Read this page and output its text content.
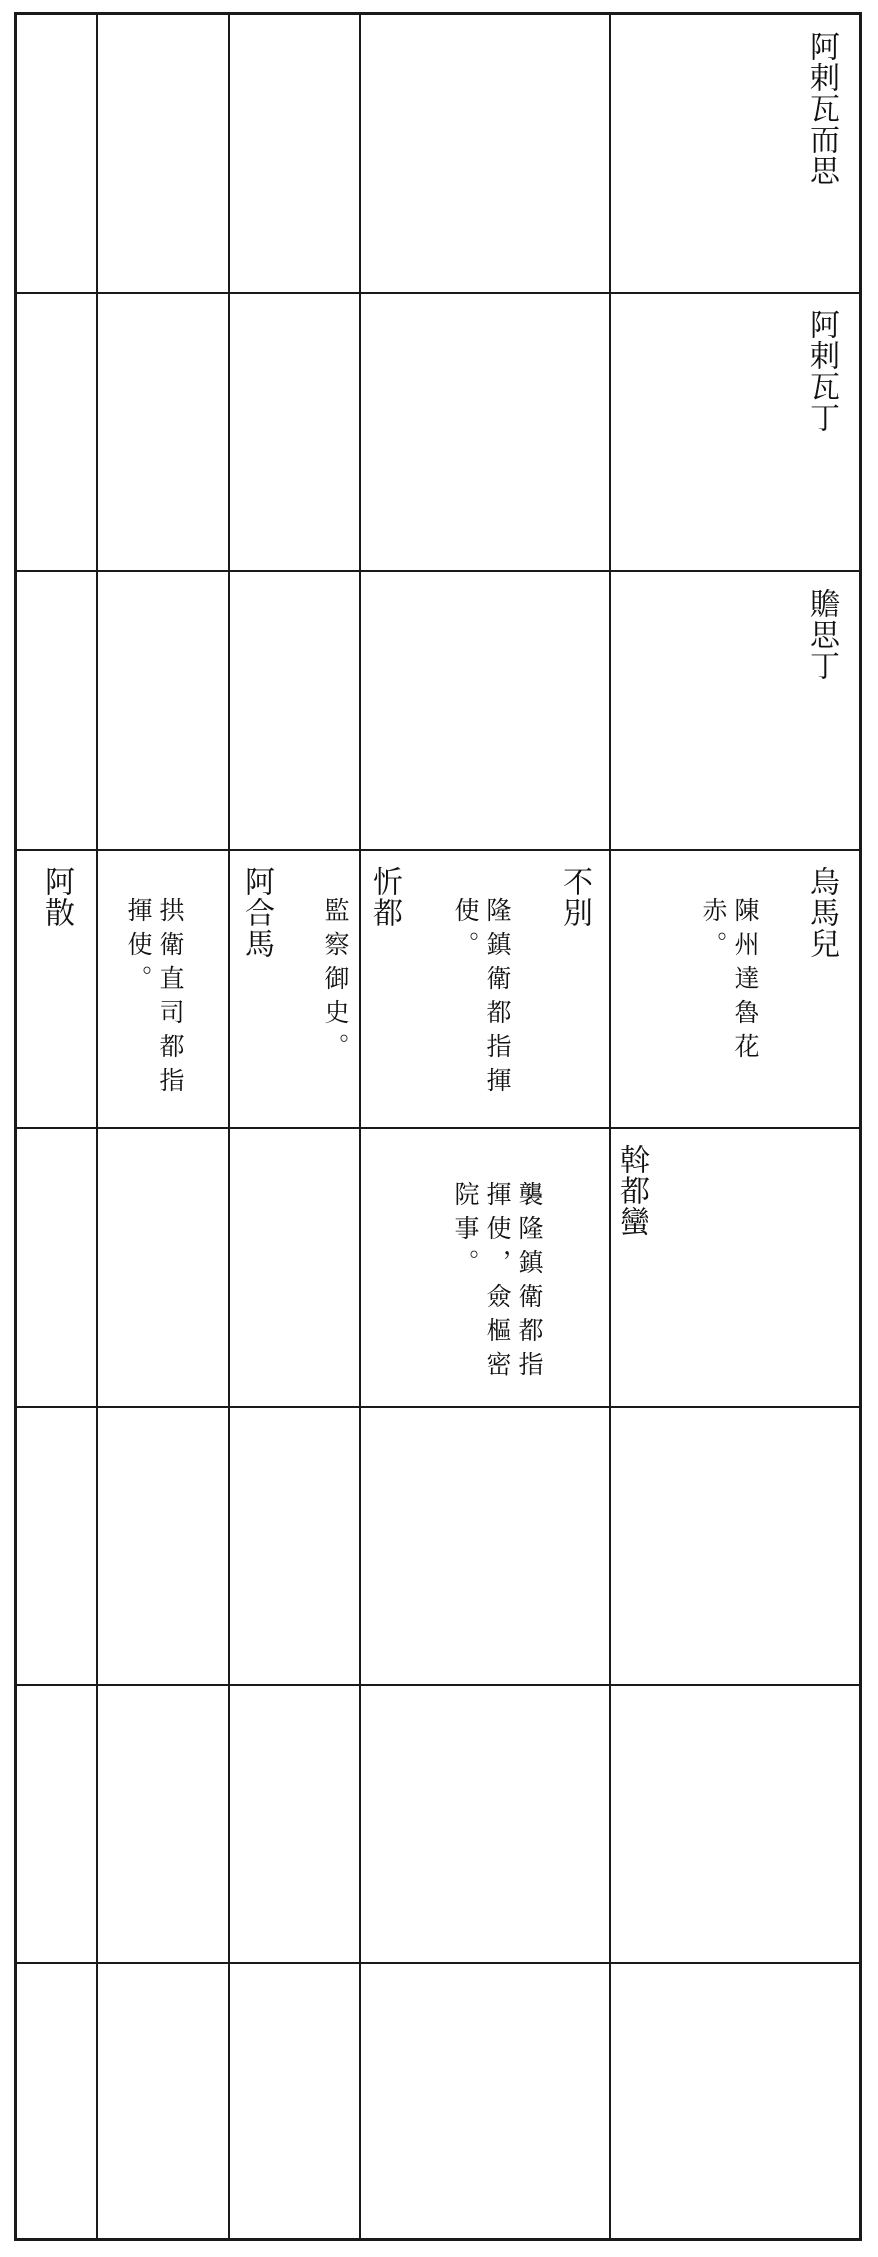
阿剌瓦而思

阿剌瓦丁

贍思丁

烏馬兒

陳州達魯花赤。

不別

隆鎮衛都指揮使。

忻都

監察御史。

阿合馬

拱衛直司都指揮使。

阿散

斡都蠻

襲隆鎮衛都指揮使，僉樞密院事。
